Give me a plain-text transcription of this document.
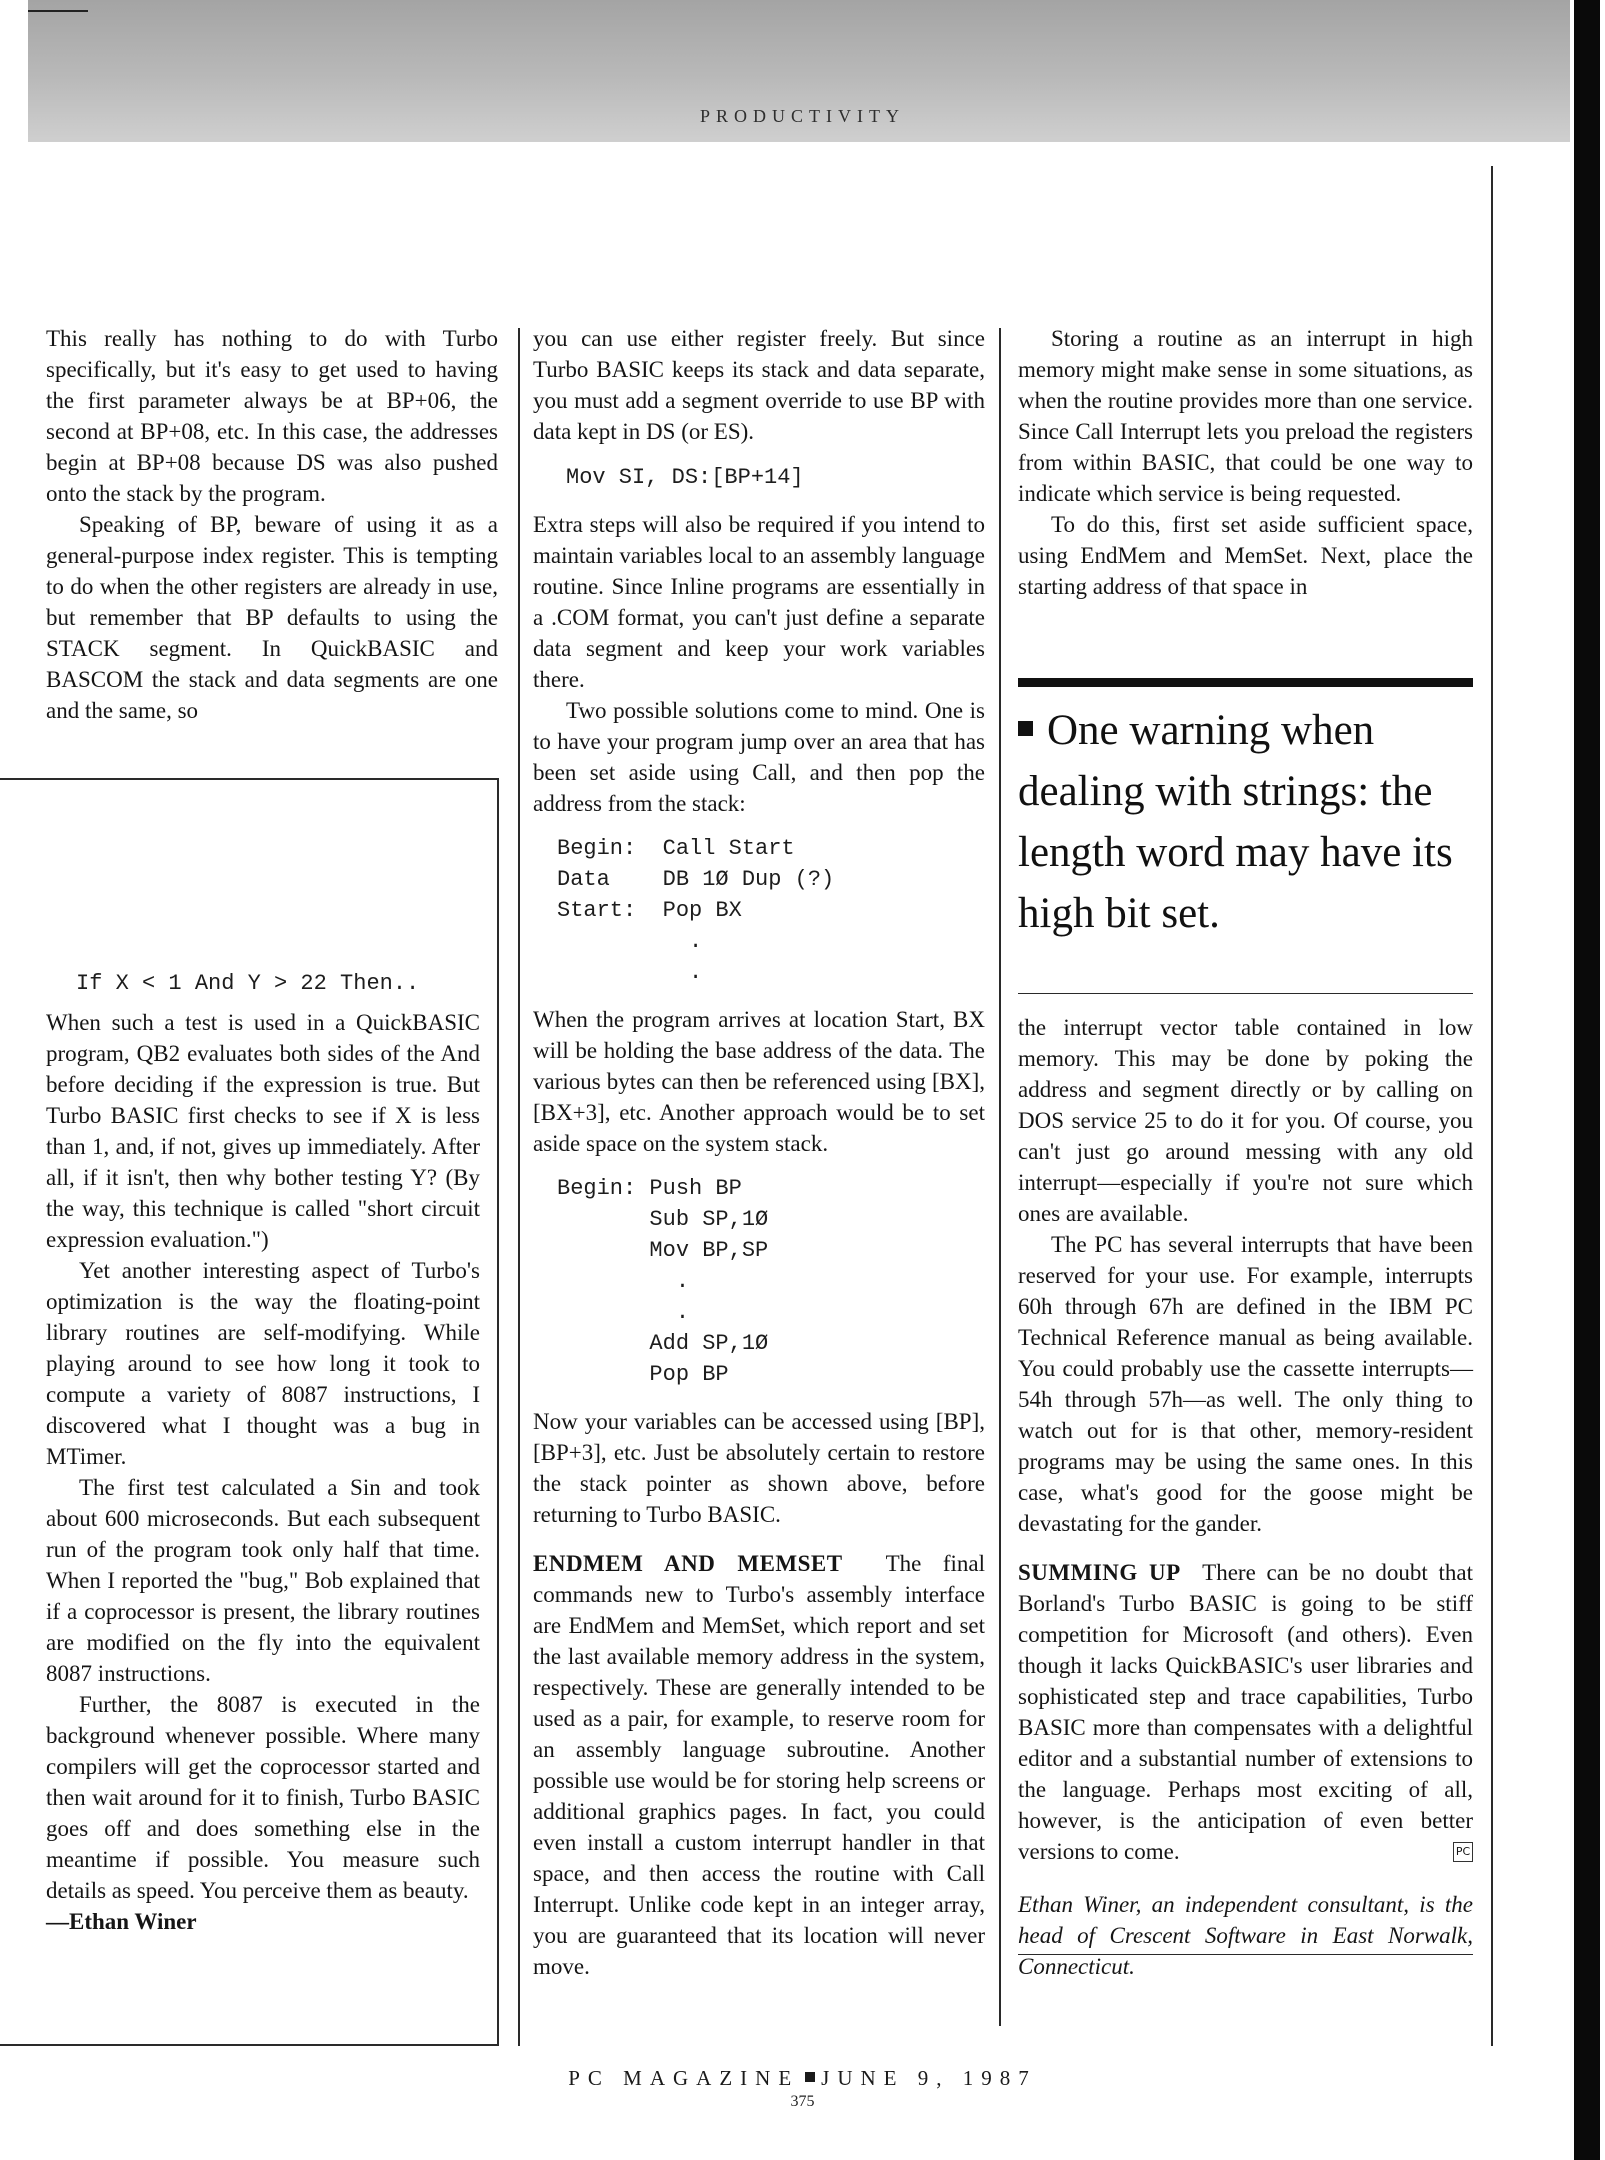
PRODUCTIVITY

This really has nothing to do with Turbo specifically, but it's easy to get used to having the first parameter always be at BP+06, the second at BP+08, etc. In this case, the addresses begin at BP+08 because DS was also pushed onto the stack by the program.

Speaking of BP, beware of using it as a general-purpose index register. This is tempting to do when the other registers are already in use, but remember that BP defaults to using the STACK segment. In QuickBASIC and BASCOM the stack and data segments are one and the same, so

If X < 1 And Y > 22 Then..

When such a test is used in a QuickBASIC program, QB2 evaluates both sides of the And before deciding if the expression is true. But Turbo BASIC first checks to see if X is less than 1, and, if not, gives up immediately. After all, if it isn't, then why bother testing Y? (By the way, this technique is called "short circuit expression evaluation.")

Yet another interesting aspect of Turbo's optimization is the way the floating-point library routines are self-modifying. While playing around to see how long it took to compute a variety of 8087 instructions, I discovered what I thought was a bug in MTimer.

The first test calculated a Sin and took about 600 microseconds. But each subsequent run of the program took only half that time. When I reported the "bug," Bob explained that if a coprocessor is present, the library routines are modified on the fly into the equivalent 8087 instructions.

Further, the 8087 is executed in the background whenever possible. Where many compilers will get the coprocessor started and then wait around for it to finish, Turbo BASIC goes off and does something else in the meantime if possible. You measure such details as speed. You perceive them as beauty.

—Ethan Winer

you can use either register freely. But since Turbo BASIC keeps its stack and data separate, you must add a segment override to use BP with data kept in DS (or ES).

Mov SI, DS:[BP+14]

Extra steps will also be required if you intend to maintain variables local to an assembly language routine. Since Inline programs are essentially in a .COM format, you can't just define a separate data segment and keep your work variables there.

Two possible solutions come to mind. One is to have your program jump over an area that has been set aside using Call, and then pop the address from the stack:

Begin:  Call Start
Data    DB 1Ø Dup (?)
Start:  Pop BX
.
.

When the program arrives at location Start, BX will be holding the base address of the data. The various bytes can then be referenced using [BX], [BX+3], etc. Another approach would be to set aside space on the system stack.

Begin: Push BP
Sub SP,1Ø
Mov BP,SP
.
.
Add SP,1Ø
Pop BP

Now your variables can be accessed using [BP], [BP+3], etc. Just be absolutely certain to restore the stack pointer as shown above, before returning to Turbo BASIC.

ENDMEM AND MEMSET The final commands new to Turbo's assembly interface are EndMem and MemSet, which report and set the last available memory address in the system, respectively. These are generally intended to be used as a pair, for example, to reserve room for an assembly language subroutine. Another possible use would be for storing help screens or additional graphics pages. In fact, you could even install a custom interrupt handler in that space, and then access the routine with Call Interrupt. Unlike code kept in an integer array, you are guaranteed that its location will never move.

Storing a routine as an interrupt in high memory might make sense in some situations, as when the routine provides more than one service. Since Call Interrupt lets you preload the registers from within BASIC, that could be one way to indicate which service is being requested.

To do this, first set aside sufficient space, using EndMem and MemSet. Next, place the starting address of that space in

One warning when dealing with strings: the length word may have its high bit set.

the interrupt vector table contained in low memory. This may be done by poking the address and segment directly or by calling on DOS service 25 to do it for you. Of course, you can't just go around messing with any old interrupt—especially if you're not sure which ones are available.

The PC has several interrupts that have been reserved for your use. For example, interrupts 60h through 67h are defined in the IBM PC Technical Reference manual as being available. You could probably use the cassette interrupts—54h through 57h—as well. The only thing to watch out for is that other, memory-resident programs may be using the same ones. In this case, what's good for the goose might be devastating for the gander.

SUMMING UP There can be no doubt that Borland's Turbo BASIC is going to be stiff competition for Microsoft (and others). Even though it lacks QuickBASIC's user libraries and sophisticated step and trace capabilities, Turbo BASIC more than compensates with a delightful editor and a substantial number of extensions to the language. Perhaps most exciting of all, however, is the anticipation of even better versions to come.	PC

Ethan Winer, an independent consultant, is the head of Crescent Software in East Norwalk, Connecticut.

PC MAGAZINE JUNE 9, 1987
375
